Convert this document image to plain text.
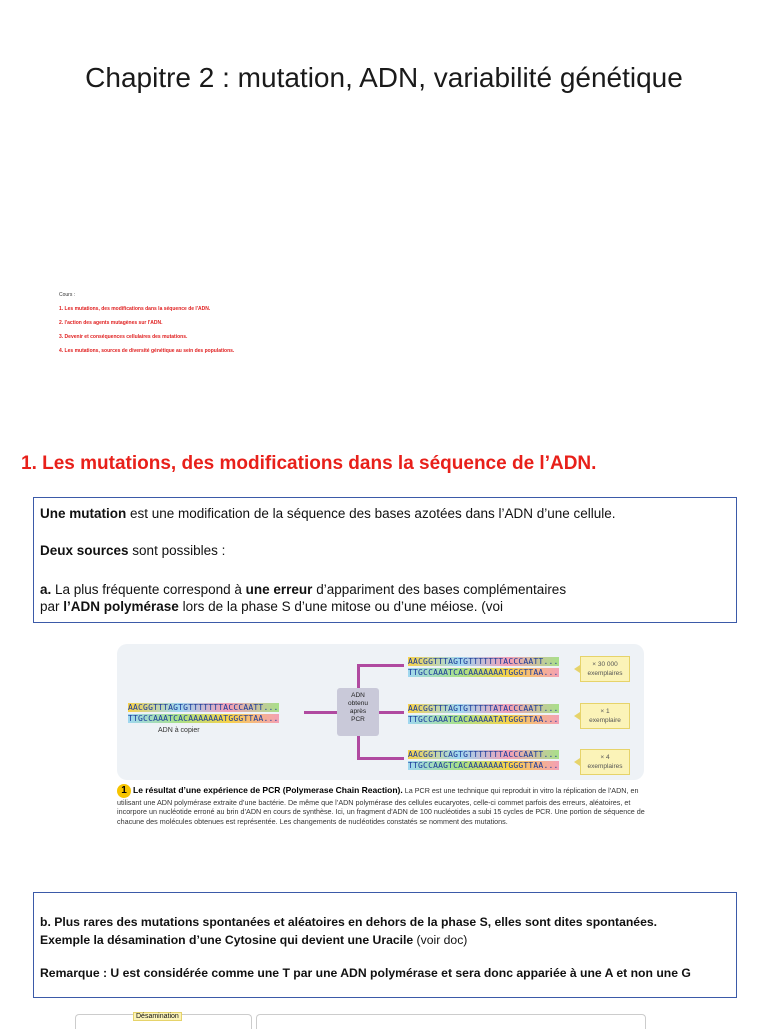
Chapitre 2 : mutation, ADN, variabilité génétique
Cours :
1. Les mutations, des modifications dans la séquence de l'ADN.
2. l'action des agents mutagènes sur l'ADN.
3. Devenir et conséquences cellulaires des mutations.
4. Les mutations, sources de diversité génétique au sein des populations.
1. Les mutations, des modifications dans la séquence de l’ADN.

Une mutation est une modification de la séquence des bases azotées dans l’ADN d’une cellule.

Deux sources sont possibles :

a. La plus fréquente correspond à une erreur d’appariment des bases complémentaires

par l’ADN polymérase lors de la phase S d’une mitose ou d’une méiose. (voi

AACGGTTTAGTGTTTTTTTACCCAATT...
TTGCCAAATCACAAAAAAATGGGTTAA...
ADN à copier
ADN
obtenu
après
PCR
AACGGTTTAGTGTTTTTTTACCCAATT...
TTGCCAAATCACAAAAAAATGGGTTAA...
× 30 000
exemplaires
AACGGTTTAGTGTTTTTATACCCAATT...
TTGCCAAATCACAAAAATATGGGTTAA...
× 1
exemplaire
AACGGTTCAGTGTTTTTTTACCCAATT...
TTGCCAAGTCACAAAAAAATGGGTTAA...
× 4
exemplaires
1 Le résultat d’une expérience de PCR (Polymerase Chain Reaction). La PCR est une technique qui reproduit in vitro la réplication de l’ADN, en utilisant une ADN polymérase extraite d’une bactérie. De même que l’ADN polymérase des cellules eucaryotes, celle-ci commet parfois des erreurs, aléatoires, et incorpore un nucléotide erroné au brin d’ADN en cours de synthèse. Ici, un fragment d’ADN de 100 nucléotides a subi 15 cycles de PCR. Une portion de séquence de chacune des molécules obtenues est représentée. Les changements de nucléotides constatés se nomment des mutations.

b. Plus rares des mutations spontanées et aléatoires en dehors de la phase S, elles sont dites spontanées.

Exemple la désamination d’une Cytosine qui devient une Uracile (voir doc)

Remarque : U est considérée comme une T par une ADN polymérase et sera donc appariée à une A et non une G

Désamination
